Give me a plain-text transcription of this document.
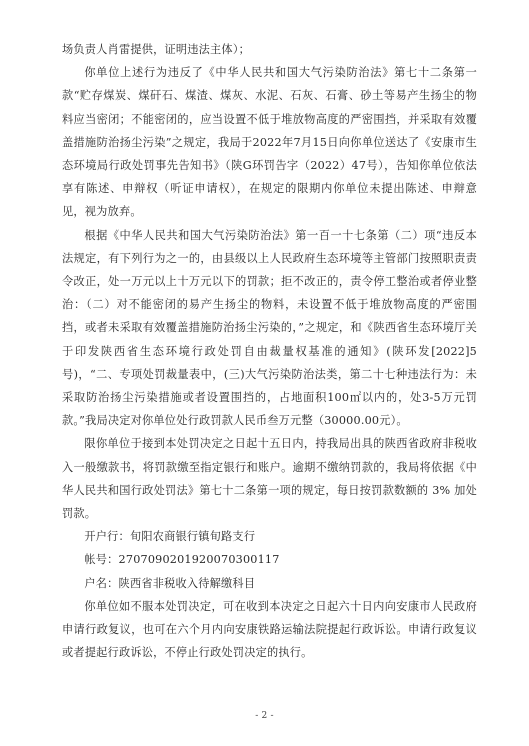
场负责人肖雷提供，证明违法主体）；

你单位上述行为违反了《中华人民共和国大气污染防治法》第七十二条第一款“贮存煤炭、煤矸石、煤渣、煤灰、水泥、石灰、石膏、砂土等易产生扬尘的物料应当密闭；不能密闭的，应当设置不低于堆放物高度的严密围挡，并采取有效覆盖措施防治扬尘污染”之规定，我局于2022年7月15日向你单位送达了《安康市生态环境局行政处罚事先告知书》（陕G环罚告字（2022）47号），告知你单位依法享有陈述、申辩权（听证申请权），在规定的限期内你单位未提出陈述、申辩意见，视为放弃。

根据《中华人民共和国大气污染防治法》第一百一十七条第（二）项“违反本法规定，有下列行为之一的，由县级以上人民政府生态环境等主管部门按照职责责令改正，处一万元以上十万元以下的罚款；拒不改正的，责令停工整治或者停业整治：（二）对不能密闭的易产生扬尘的物料，未设置不低于堆放物高度的严密围挡，或者未采取有效覆盖措施防治扬尘污染的，”之规定，和《陕西省生态环境厅关于印发陕西省生态环境行政处罚自由裁量权基准的通知》(陕环发[2022]5号)，“二、专项处罚裁量表中，(三)大气污染防治法类，第二十七种违法行为：未采取防治扬尘污染措施或者设置围挡的，占地面积100㎡以内的，处3-5万元罚款。”我局决定对你单位处行政罚款人民币叁万元整（30000.00元）。

限你单位于接到本处罚决定之日起十五日内，持我局出具的陕西省政府非税收入一般缴款书，将罚款缴至指定银行和账户。逾期不缴纳罚款的，我局将依据《中华人民共和国行政处罚法》第七十二条第一项的规定，每日按罚款数额的 3% 加处罚款。

开户行：旬阳农商银行镇旬路支行

帐号：2707090201920070300117

户名：陕西省非税收入待解缴科目

你单位如不服本处罚决定，可在收到本决定之日起六十日内向安康市人民政府申请行政复议，也可在六个月内向安康铁路运输法院提起行政诉讼。申请行政复议或者提起行政诉讼，不停止行政处罚决定的执行。

- 2 -
